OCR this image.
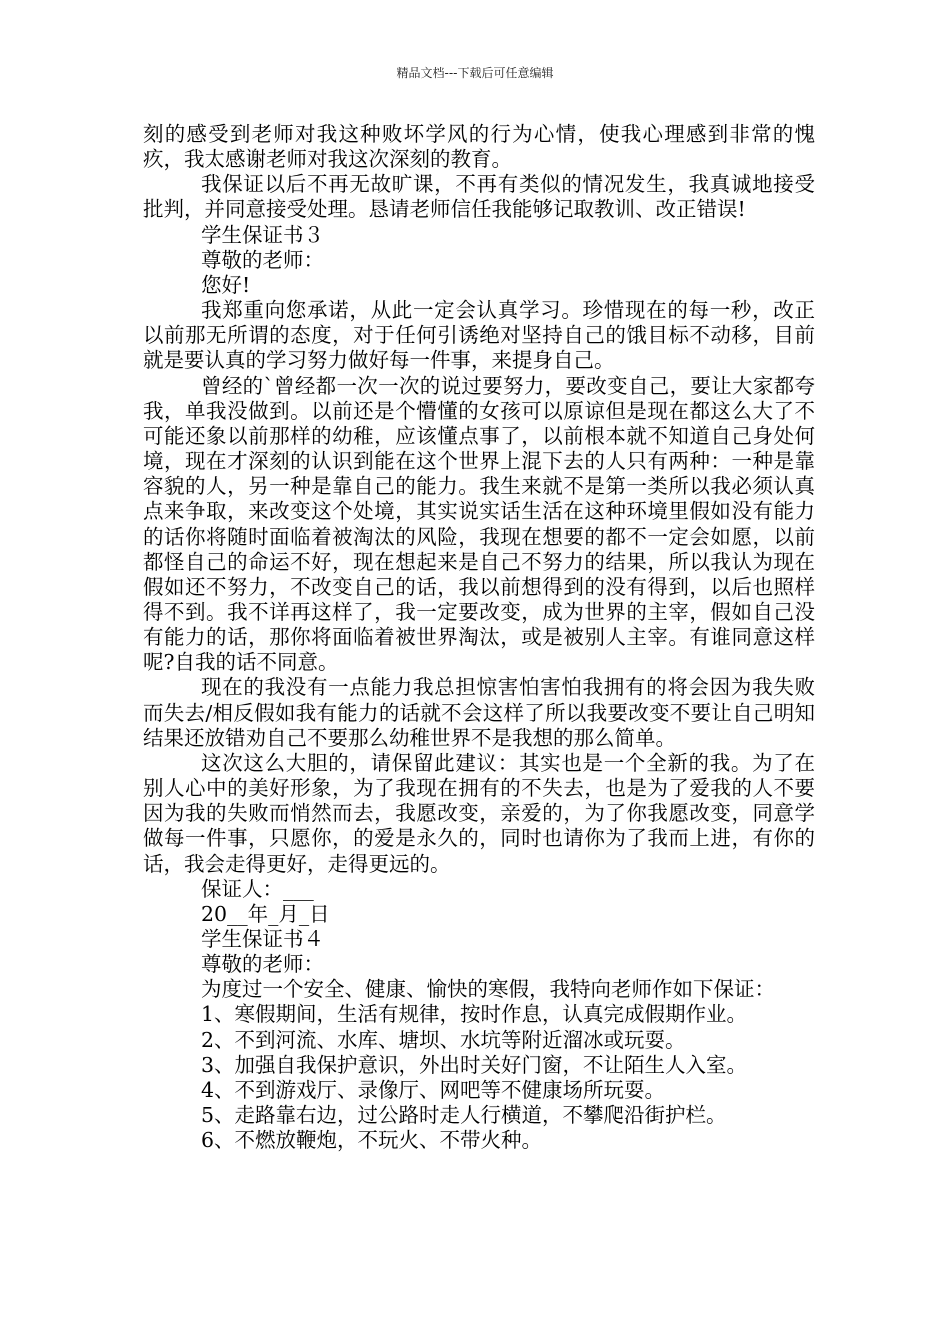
精品文档---下载后可任意编辑

刻的感受到老师对我这种败坏学风的行为心情，使我心理感到非常的愧疚，我太感谢老师对我这次深刻的教育。

我保证以后不再无故旷课，不再有类似的情况发生，我真诚地接受批判，并同意接受处理。恳请老师信任我能够记取教训、改正错误!

学生保证书３
尊敬的老师：
您好!

我郑重向您承诺，从此一定会认真学习。珍惜现在的每一秒，改正以前那无所谓的态度，对于任何引诱绝对坚持自己的饿目标不动移，目前就是要认真的学习努力做好每一件事，来提身自己。

曾经的`曾经都一次一次的说过要努力，要改变自己，要让大家都夸我，单我没做到。以前还是个懵懂的女孩可以原谅但是现在都这么大了不可能还象以前那样的幼稚，应该懂点事了，以前根本就不知道自己身处何境，现在才深刻的认识到能在这个世界上混下去的人只有两种：一种是靠容貌的人，另一种是靠自己的能力。我生来就不是第一类所以我必须认真点来争取，来改变这个处境，其实说实话生活在这种环境里假如没有能力的话你将随时面临着被淘汰的风险，我现在想要的都不一定会如愿，以前都怪自己的命运不好，现在想起来是自己不努力的结果，所以我认为现在假如还不努力，不改变自己的话，我以前想得到的没有得到，以后也照样得不到。我不详再这样了，我一定要改变，成为世界的主宰，假如自己没有能力的话，那你将面临着被世界淘汰，或是被别人主宰。有谁同意这样呢?自我的话不同意。

现在的我没有一点能力我总担惊害怕害怕我拥有的将会因为我失败而失去/相反假如我有能力的话就不会这样了所以我要改变不要让自己明知结果还放错劝自己不要那么幼稚世界不是我想的那么简单。

这次这么大胆的，请保留此建议：其实也是一个全新的我。为了在别人心中的美好形象，为了我现在拥有的不失去，也是为了爱我的人不要因为我的失败而悄然而去，我愿改变，亲爱的，为了你我愿改变，同意学做每一件事，只愿你，的爱是永久的，同时也请你为了我而上进，有你的话，我会走得更好，走得更远的。

保证人：___
20__年_月_日
学生保证书４
尊敬的老师：
为度过一个安全、健康、愉快的寒假，我特向老师作如下保证：
1、寒假期间，生活有规律，按时作息，认真完成假期作业。
2、不到河流、水库、塘坝、水坑等附近溜冰或玩耍。
3、加强自我保护意识，外出时关好门窗，不让陌生人入室。
4、不到游戏厅、录像厅、网吧等不健康场所玩耍。
5、走路靠右边，过公路时走人行横道，不攀爬沿街护栏。
6、不燃放鞭炮，不玩火、不带火种。
